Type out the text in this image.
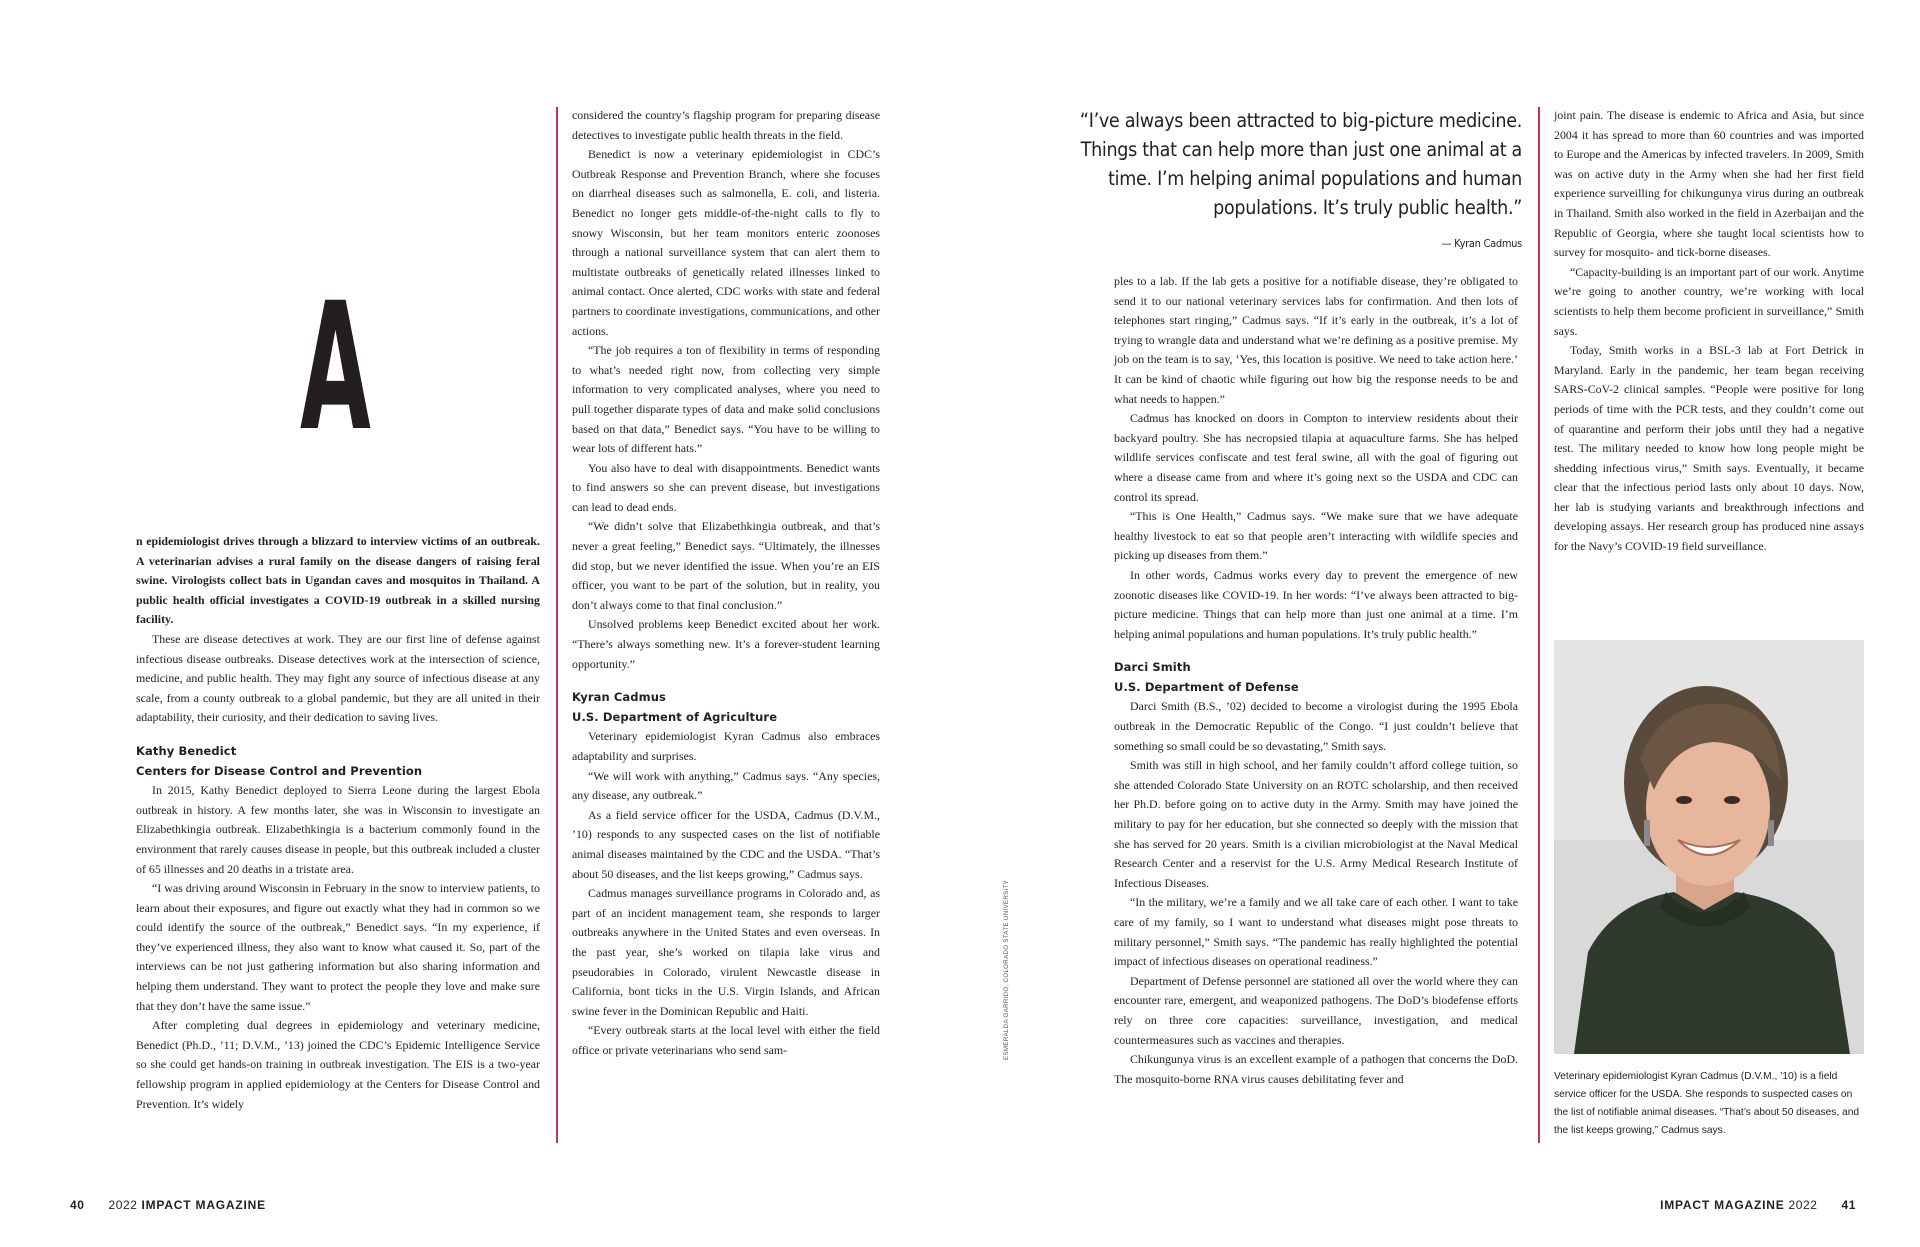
A

n epidemiologist drives through a blizzard to interview victims of an outbreak. A veterinarian advises a rural family on the disease dangers of raising feral swine. Virologists collect bats in Ugandan caves and mosquitos in Thailand. A public health official investigates a COVID-19 outbreak in a skilled nursing facility.

These are disease detectives at work. They are our first line of defense against infectious disease outbreaks. Disease detectives work at the intersection of science, medicine, and public health. They may fight any source of infectious disease at any scale, from a county outbreak to a global pandemic, but they are all united in their adaptability, their curiosity, and their dedication to saving lives.

Kathy Benedict

Centers for Disease Control and Prevention

In 2015, Kathy Benedict deployed to Sierra Leone during the largest Ebola outbreak in history. A few months later, she was in Wisconsin to investigate an Elizabethkingia outbreak. Elizabethkingia is a bacterium commonly found in the environment that rarely causes disease in people, but this outbreak included a cluster of 65 illnesses and 20 deaths in a tristate area.

“I was driving around Wisconsin in February in the snow to interview patients, to learn about their exposures, and figure out exactly what they had in common so we could identify the source of the outbreak,” Benedict says. “In my experience, if they’ve experienced illness, they also want to know what caused it. So, part of the interviews can be not just gathering information but also sharing information and helping them understand. They want to protect the people they love and make sure that they don’t have the same issue.”

After completing dual degrees in epidemiology and veterinary medicine, Benedict (Ph.D., ’11; D.V.M., ’13) joined the CDC’s Epidemic Intelligence Service so she could get hands-on training in outbreak investigation. The EIS is a two-year fellowship program in applied epidemiology at the Centers for Disease Control and Prevention. It’s widely

considered the country’s flagship program for preparing disease detectives to investigate public health threats in the field.

Benedict is now a veterinary epidemiologist in CDC’s Outbreak Response and Prevention Branch, where she focuses on diarrheal diseases such as salmonella, E. coli, and listeria. Benedict no longer gets middle-of-the-night calls to fly to snowy Wisconsin, but her team monitors enteric zoonoses through a national surveillance system that can alert them to multistate outbreaks of genetically related illnesses linked to animal contact. Once alerted, CDC works with state and federal partners to coordinate investigations, communications, and other actions.

“The job requires a ton of flexibility in terms of responding to what’s needed right now, from collecting very simple information to very complicated analyses, where you need to pull together disparate types of data and make solid conclusions based on that data,” Benedict says. “You have to be willing to wear lots of different hats.”

You also have to deal with disappointments. Benedict wants to find answers so she can prevent disease, but investigations can lead to dead ends.

“We didn’t solve that Elizabethkingia outbreak, and that’s never a great feeling,” Benedict says. “Ultimately, the illnesses did stop, but we never identified the issue. When you’re an EIS officer, you want to be part of the solution, but in reality, you don’t always come to that final conclusion.”

Unsolved problems keep Benedict excited about her work. “There’s always something new. It’s a forever-student learning opportunity.”

Kyran Cadmus

U.S. Department of Agriculture

Veterinary epidemiologist Kyran Cadmus also embraces adaptability and surprises.

“We will work with anything,” Cadmus says. “Any species, any disease, any outbreak.”

As a field service officer for the USDA, Cadmus (D.V.M., ’10) responds to any suspected cases on the list of notifiable animal diseases maintained by the CDC and the USDA. “That’s about 50 diseases, and the list keeps growing,” Cadmus says.

Cadmus manages surveillance programs in Colorado and, as part of an incident management team, she responds to larger outbreaks anywhere in the United States and even overseas. In the past year, she’s worked on tilapia lake virus and pseudorabies in Colorado, virulent Newcastle disease in California, bont ticks in the U.S. Virgin Islands, and African swine fever in the Dominican Republic and Haiti.

“Every outbreak starts at the local level with either the field office or private veterinarians who send sam-	ESMERALDA GARRIDO, COLORADO STATE UNIVERSITY
“I’ve always been attracted to big-picture medicine. Things that can help more than just one animal at a time. I’m helping animal populations and human populations. It’s truly public health.”
— Kyran Cadmus

ples to a lab. If the lab gets a positive for a notifiable disease, they’re obligated to send it to our national veterinary services labs for confirmation. And then lots of telephones start ringing,” Cadmus says. “If it’s early in the outbreak, it’s a lot of trying to wrangle data and understand what we’re defining as a positive premise. My job on the team is to say, ‘Yes, this location is positive. We need to take action here.’ It can be kind of chaotic while figuring out how big the response needs to be and what needs to happen.”

Cadmus has knocked on doors in Compton to interview residents about their backyard poultry. She has necropsied tilapia at aquaculture farms. She has helped wildlife services confiscate and test feral swine, all with the goal of figuring out where a disease came from and where it’s going next so the USDA and CDC can control its spread.

“This is One Health,” Cadmus says. “We make sure that we have adequate healthy livestock to eat so that people aren’t interacting with wildlife species and picking up diseases from them.”

In other words, Cadmus works every day to prevent the emergence of new zoonotic diseases like COVID-19. In her words: “I’ve always been attracted to big-picture medicine. Things that can help more than just one animal at a time. I’m helping animal populations and human populations. It’s truly public health.”

Darci Smith

U.S. Department of Defense

Darci Smith (B.S., ’02) decided to become a virologist during the 1995 Ebola outbreak in the Democratic Republic of the Congo. “I just couldn’t believe that something so small could be so devastating,” Smith says.

Smith was still in high school, and her family couldn’t afford college tuition, so she attended Colorado State University on an ROTC scholarship, and then received her Ph.D. before going on to active duty in the Army. Smith may have joined the military to pay for her education, but she connected so deeply with the mission that she has served for 20 years. Smith is a civilian microbiologist at the Naval Medical Research Center and a reservist for the U.S. Army Medical Research Institute of Infectious Diseases.

“In the military, we’re a family and we all take care of each other. I want to take care of my family, so I want to understand what diseases might pose threats to military personnel,” Smith says. “The pandemic has really highlighted the potential impact of infectious diseases on operational readiness.”

Department of Defense personnel are stationed all over the world where they can encounter rare, emergent, and weaponized pathogens. The DoD’s biodefense efforts rely on three core capacities: surveillance, investigation, and medical countermeasures such as vaccines and therapies.

Chikungunya virus is an excellent example of a pathogen that concerns the DoD. The mosquito-borne RNA virus causes debilitating fever and

joint pain. The disease is endemic to Africa and Asia, but since 2004 it has spread to more than 60 countries and was imported to Europe and the Americas by infected travelers. In 2009, Smith was on active duty in the Army when she had her first field experience surveilling for chikungunya virus during an outbreak in Thailand. Smith also worked in the field in Azerbaijan and the Republic of Georgia, where she taught local scientists how to survey for mosquito- and tick-borne diseases.

“Capacity-building is an important part of our work. Anytime we’re going to another country, we’re working with local scientists to help them become proficient in surveillance,” Smith says.

Today, Smith works in a BSL-3 lab at Fort Detrick in Maryland. Early in the pandemic, her team began receiving SARS-CoV-2 clinical samples. “People were positive for long periods of time with the PCR tests, and they couldn’t come out of quarantine and perform their jobs until they had a negative test. The military needed to know how long people might be shedding infectious virus,” Smith says. Eventually, it became clear that the infectious period lasts only about 10 days. Now, her lab is studying variants and breakthrough infections and developing assays. Her research group has produced nine assays for the Navy’s COVID-19 field surveillance.

Veterinary epidemiologist Kyran Cadmus (D.V.M., ’10) is a field service officer for the USDA. She responds to suspected cases on the list of notifiable animal diseases. “That’s about 50 diseases, and the list keeps growing,” Cadmus says.
40 2022 IMPACT MAGAZINE	IMPACT MAGAZINE 2022 41
